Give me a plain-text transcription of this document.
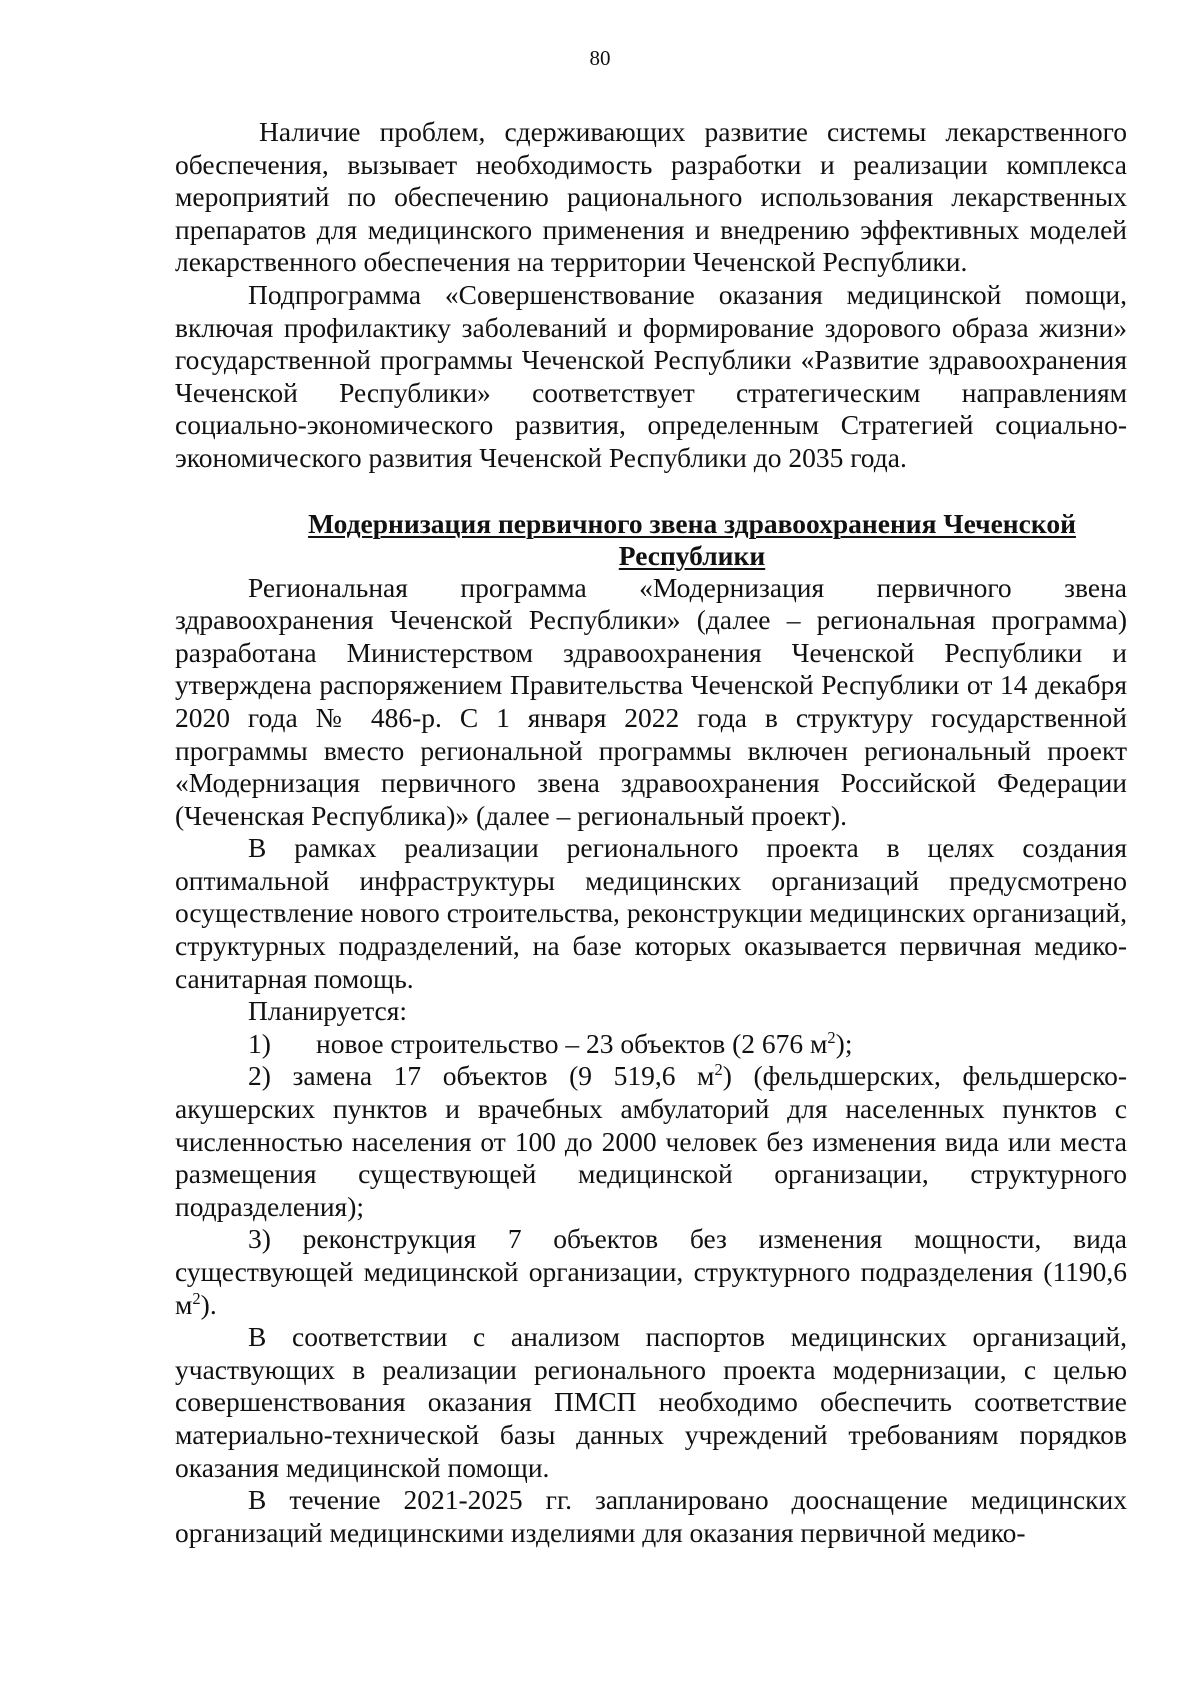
80

Наличие проблем, сдерживающих развитие системы лекарственного обеспечения, вызывает необходимость разработки и реализации комплекса мероприятий по обеспечению рационального использования лекарственных препаратов для медицинского применения и внедрению эффективных моделей лекарственного обеспечения на территории Чеченской Республики.

Подпрограмма «Совершенствование оказания медицинской помощи, включая профилактику заболеваний и формирование здорового образа жизни» государственной программы Чеченской Республики «Развитие здравоохранения Чеченской Республики» соответствует стратегическим направлениям социально-экономического развития, определенным Стратегией социально-экономического развития Чеченской Республики до 2035 года.

Модернизация первичного звена здравоохранения Чеченской Республики

Региональная программа «Модернизация первичного звена здравоохранения Чеченской Республики» (далее – региональная программа) разработана Министерством здравоохранения Чеченской Республики и утверждена распоряжением Правительства Чеченской Республики от 14 декабря 2020 года № 486-р. С 1 января 2022 года в структуру государственной программы вместо региональной программы включен региональный проект «Модернизация первичного звена здравоохранения Российской Федерации (Чеченская Республика)» (далее – региональный проект).

В рамках реализации регионального проекта в целях создания оптимальной инфраструктуры медицинских организаций предусмотрено осуществление нового строительства, реконструкции медицинских организаций, структурных подразделений, на базе которых оказывается первичная медико-санитарная помощь.

Планируется:

1) новое строительство – 23 объектов (2 676 $м^2$);

2) замена 17 объектов (9 519,6 $м^2$) (фельдшерских, фельдшерско-акушерских пунктов и врачебных амбулаторий для населенных пунктов с численностью населения от 100 до 2000 человек без изменения вида или места размещения существующей медицинской организации, структурного подразделения);

3) реконструкция 7 объектов без изменения мощности, вида существующей медицинской организации, структурного подразделения (1190,6 $м^2$).

В соответствии с анализом паспортов медицинских организаций, участвующих в реализации регионального проекта модернизации, с целью совершенствования оказания ПМСП необходимо обеспечить соответствие материально-технической базы данных учреждений требованиям порядков оказания медицинской помощи.

В течение 2021-2025 гг. запланировано дооснащение медицинских организаций медицинскими изделиями для оказания первичной медико-
